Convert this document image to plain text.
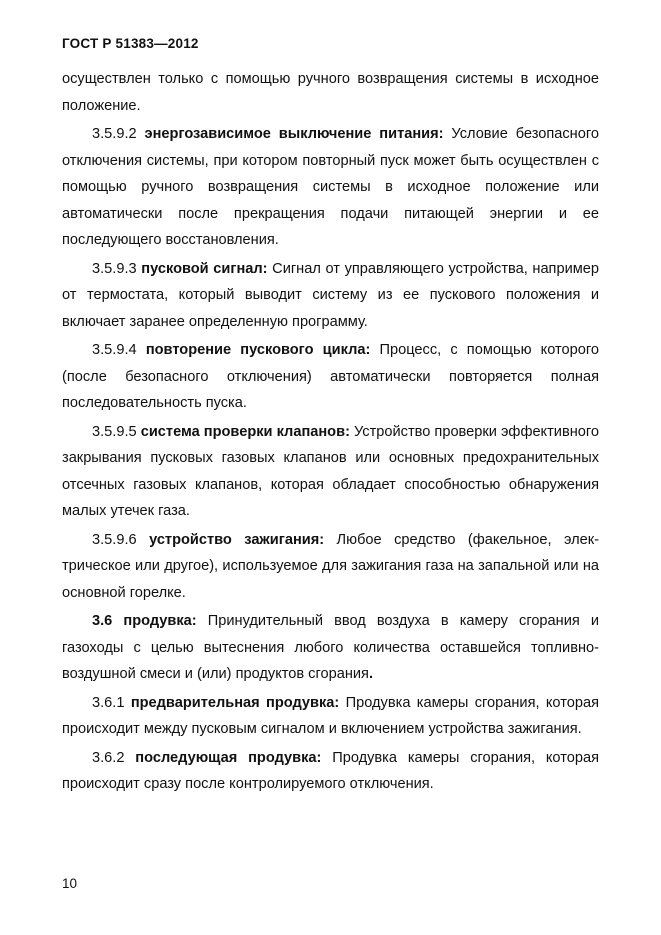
ГОСТ Р 51383—2012

осуществлен только с помощью ручного возвращения системы в исходное положение.

3.5.9.2 энергозависимое выключение питания: Условие безопасного отключения системы, при котором повторный пуск может быть осуществлен с помощью ручного возвращения системы в исходное положение или автоматически после прекращения подачи питающей энергии и ее последующего восстановления.

3.5.9.3 пусковой сигнал: Сигнал от управляющего устройства, например от термостата, который выводит систему из ее пускового положения и включает заранее определенную программу.

3.5.9.4 повторение пускового цикла: Процесс, с помощью которого (после безопасного отключения) автоматически повторяется полная последовательность пуска.

3.5.9.5 система проверки клапанов: Устройство проверки эффективного закрывания пусковых газовых клапанов или основных предохранительных отсечных газовых клапанов, которая обладает способностью обнаружения малых утечек газа.

3.5.9.6 устройство зажигания: Любое средство (факельное, электрическое или другое), используемое для зажигания газа на запальной или на основной горелке.

3.6 продувка: Принудительный ввод воздуха в камеру сгорания и газоходы с целью вытеснения любого количества оставшейся топливно-воздушной смеси и (или) продуктов сгорания.

3.6.1 предварительная продувка: Продувка камеры сгорания, которая происходит между пусковым сигналом и включением устройства зажигания.

3.6.2 последующая продувка: Продувка камеры сгорания, которая происходит сразу после контролируемого отключения.

10
